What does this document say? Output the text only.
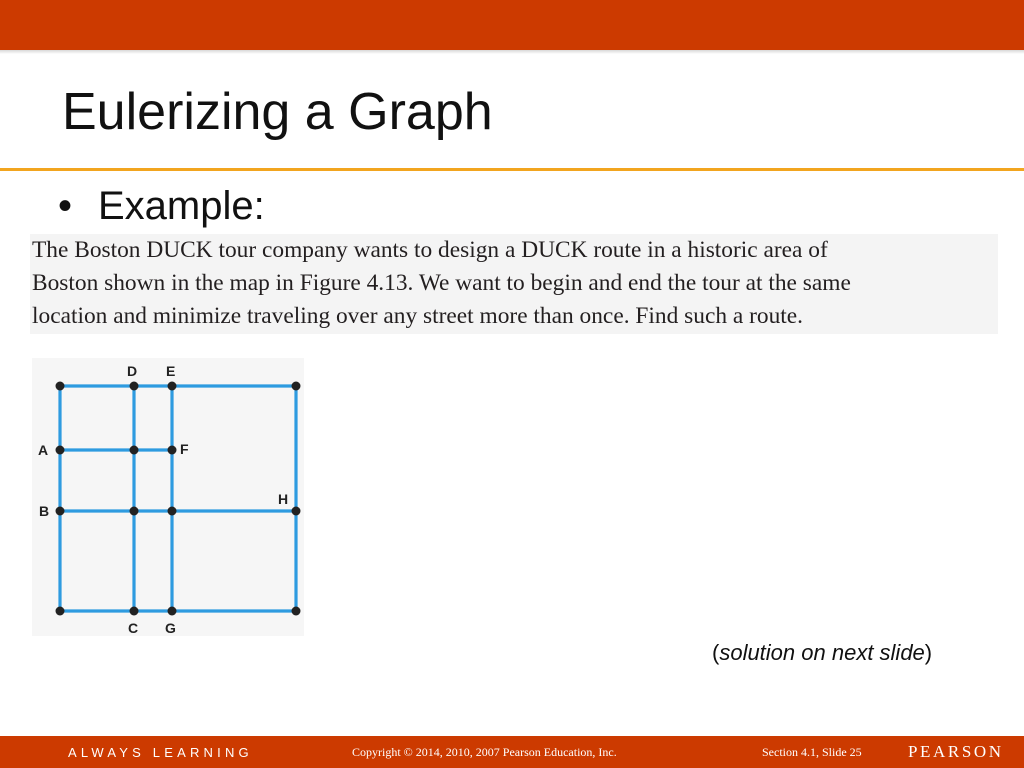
Eulerizing a Graph
• Example:
The Boston DUCK tour company wants to design a DUCK route in a historic area of
Boston shown in the map in Figure 4.13. We want to begin and end the tour at the same
location and minimize traveling over any street more than once. Find such a route.
D E
A	F
B
H
C G
(solution on next slide)
ALWAYS LEARNING	Copyright © 2014, 2010, 2007 Pearson Education, Inc.	Section 4.1, Slide 25	PEARSON
